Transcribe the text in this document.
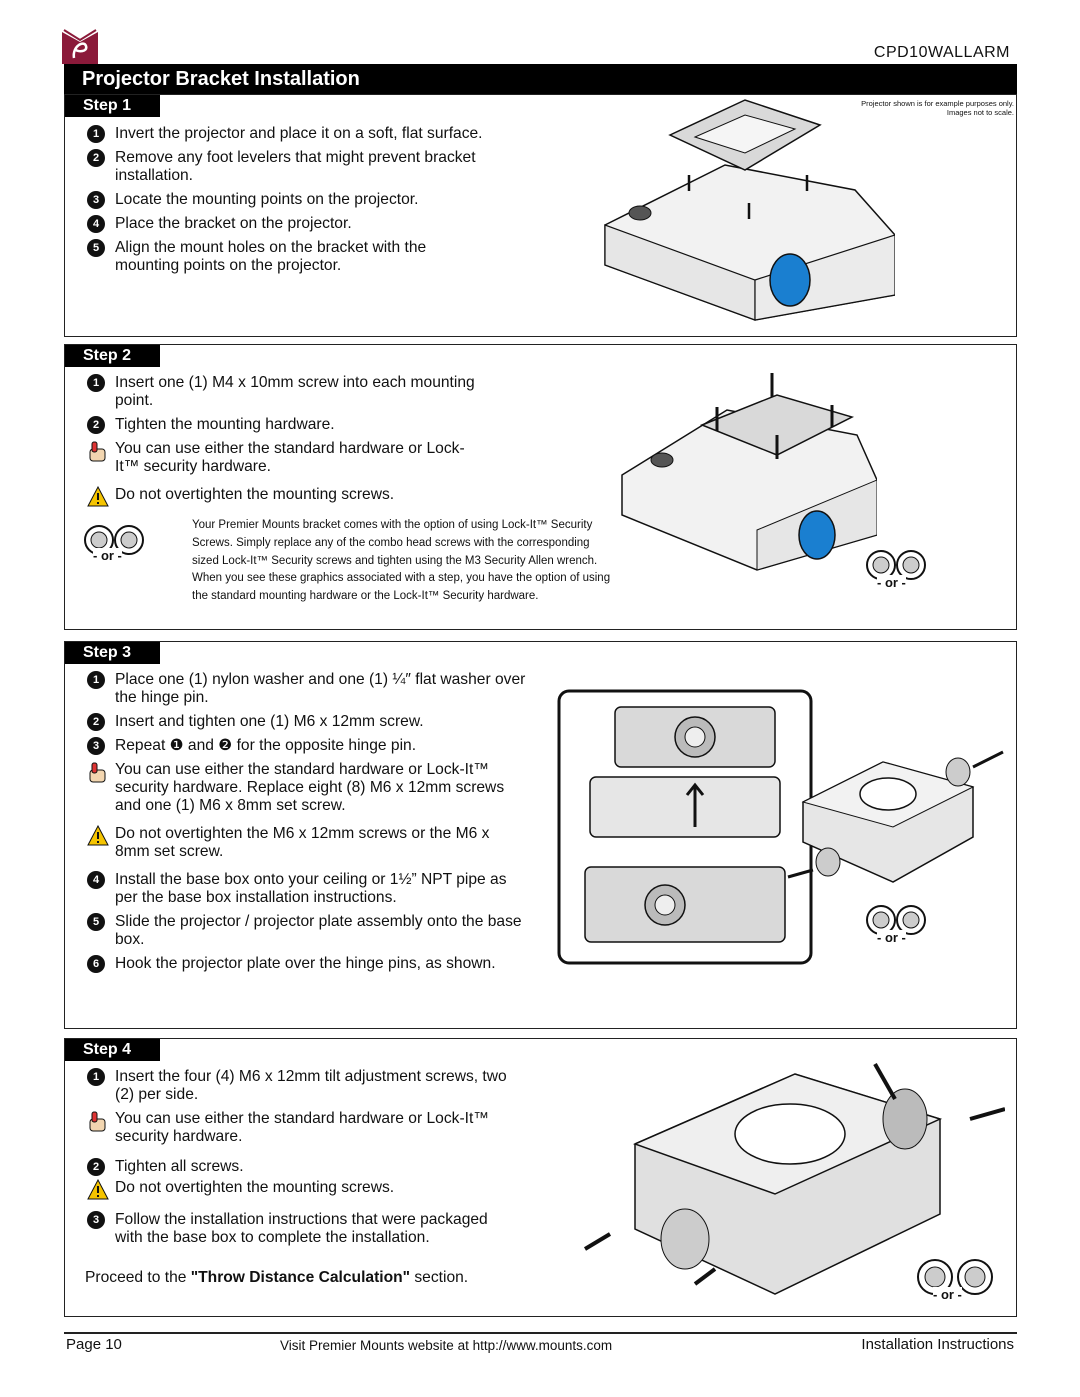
CPD10WALLARM
Projector Bracket Installation
Step 1	Projector shown is for example purposes only.
Images not to scale.
1	Invert the projector and place it on a soft, flat surface.
2	Remove any foot levelers that might prevent bracket installation.
3	Locate the mounting points on the projector.
4	Place the bracket on the projector.
5	Align the mount holes on the bracket with the mounting points on the projector.
Step 2
1	Insert one (1) M4 x 10mm screw into each mounting point.
2	Tighten the mounting hardware.
You can use either the standard hardware or Lock-It™ security hardware.
Do not overtighten the mounting screws.
Your Premier Mounts bracket comes with the option of using Lock-It™ Security Screws. Simply replace any of the combo head screws with the corresponding sized Lock-It™ Security screws and tighten using the M3 Security Allen wrench. When you see these graphics associated with a step, you have the option of using the standard mounting hardware or the Lock-It™ Security hardware.
- or -
- or -
Step 3
1	Place one (1) nylon washer and one (1) ¼″ flat washer over the hinge pin.
2	Insert and tighten one (1) M6 x 12mm screw.
3	Repeat ❶ and ❷ for the opposite hinge pin.
You can use either the standard hardware or Lock-It™ security hardware. Replace eight (8) M6 x 12mm screws and one (1) M6 x 8mm set screw.
Do not overtighten the M6 x 12mm screws or the M6 x 8mm set screw.
4	Install the base box onto your ceiling or 1½” NPT pipe as per the base box installation instructions.
5	Slide the projector / projector plate assembly onto the base box.
6	Hook the projector plate over the hinge pins, as shown.
- or -
Step 4
1	Insert the four (4) M6 x 12mm tilt adjustment screws, two (2) per side.
You can use either the standard hardware or Lock-It™ security hardware.
2	Tighten all screws.
Do not overtighten the mounting screws.
3	Follow the installation instructions that were packaged with the base box to complete the installation.
Proceed to the "Throw Distance Calculation" section.
- or -
Page 10	Visit Premier Mounts website at http://www.mounts.com	Installation Instructions
